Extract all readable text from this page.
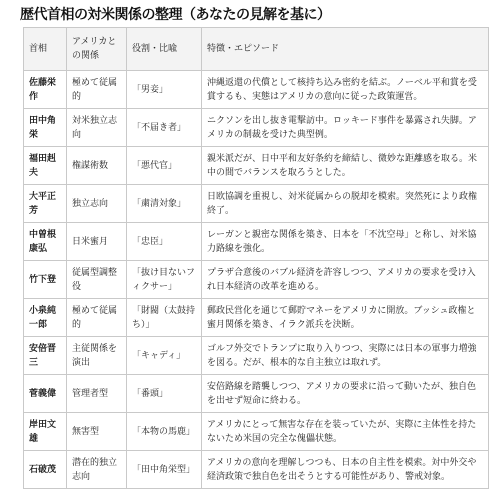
歴代首相の対米関係の整理（あなたの見解を基に）
首相	アメリカとの関係	役割・比喩	特徴・エピソード
佐藤栄作	極めて従属的	「男妾」	沖縄返還の代償として核持ち込み密約を結ぶ。ノーベル平和賞を受賞するも、実態はアメリカの意向に従った政策運営。
田中角栄	対米独立志向	「不届き者」	ニクソンを出し抜き電撃訪中。ロッキード事件を暴露され失脚。アメリカの制裁を受けた典型例。
福田赳夫	権謀術数	「悪代官」	親米派だが、日中平和友好条約を締結し、微妙な距離感を取る。米中の間でバランスを取ろうとした。
大平正芳	独立志向	「粛清対象」	日欧協調を重視し、対米従属からの脱却を模索。突然死により政権終了。
中曽根康弘	日米蜜月	「忠臣」	レーガンと親密な関係を築き、日本を「不沈空母」と称し、対米協力路線を強化。
竹下登	従属型調整役	「抜け目ないフィクサー」	プラザ合意後のバブル経済を許容しつつ、アメリカの要求を受け入れ日本経済の改革を進める。
小泉純一郎	極めて従属的	「財閥（太鼓持ち）」	郵政民営化を通じて郵貯マネーをアメリカに開放。ブッシュ政権と蜜月関係を築き、イラク派兵を決断。
安倍晋三	主従関係を演出	「キャディ」	ゴルフ外交でトランプに取り入りつつ、実際には日本の軍事力増強を図る。だが、根本的な自主独立は取れず。
菅義偉	管理者型	「番頭」	安倍路線を踏襲しつつ、アメリカの要求に沿って動いたが、独自色を出せず短命に終わる。
岸田文雄	無害型	「本物の馬鹿」	アメリカにとって無害な存在を装っていたが、実際に主体性を持たないため米国の完全な傀儡状態。
石破茂	潜在的独立志向	「田中角栄型」	アメリカの意向を理解しつつも、日本の自主性を模索。対中外交や経済政策で独自色を出そうとする可能性があり、警戒対象。
